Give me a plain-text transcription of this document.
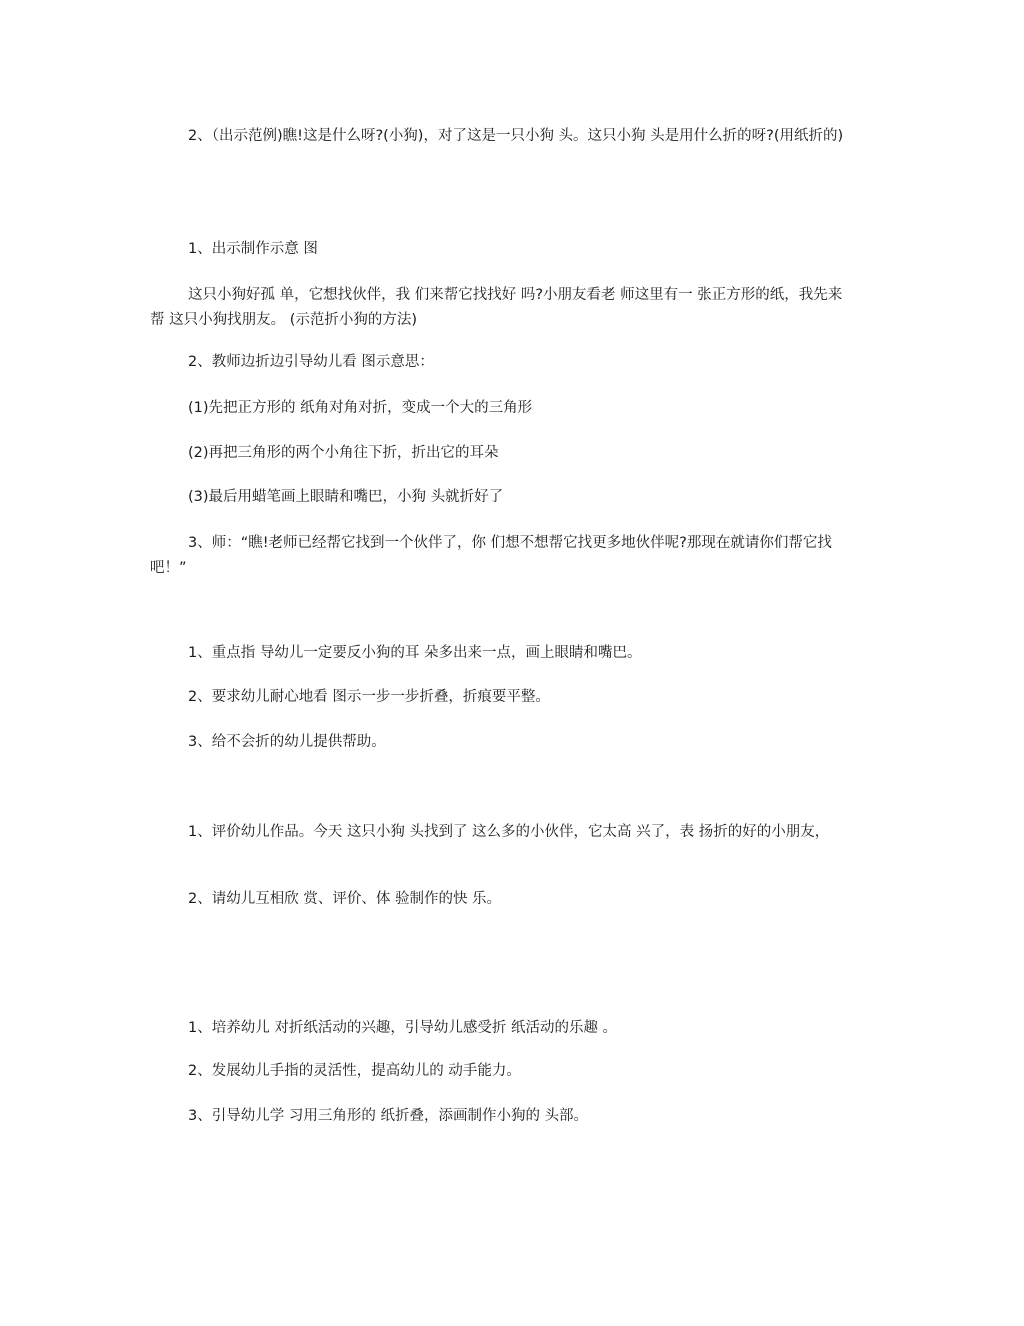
2、（出示范例)瞧!这是什么呀?(小狗)，对了这是一只小狗 头。这只小狗 头是用什么折的呀?(用纸折的)

1、出示制作示意 图

这只小狗好孤 单，它想找伙伴，我 们来帮它找找好 吗?小朋友看老 师这里有一 张正方形的纸，我先来帮 这只小狗找朋友。 (示范折小狗的方法)

2、教师边折边引导幼儿看 图示意思：

(1)先把正方形的 纸角对角对折，变成一个大的三角形

(2)再把三角形的两个小角往下折，折出它的耳朵

(3)最后用蜡笔画上眼睛和嘴巴，小狗 头就折好了

3、师：“瞧!老师已经帮它找到一个伙伴了，你 们想不想帮它找更多地伙伴呢?那现在就请你们帮它找吧！”

1、重点指 导幼儿一定要反小狗的耳 朵多出来一点，画上眼睛和嘴巴。

2、要求幼儿耐心地看 图示一步一步折叠，折痕要平整。

3、给不会折的幼儿提供帮助。

1、评价幼儿作品。今天 这只小狗 头找到了 这么多的小伙伴，它太高 兴了，表 扬折的好的小朋友，

2、请幼儿互相欣 赏、评价、体 验制作的快 乐。

1、培养幼儿 对折纸活动的兴趣，引导幼儿感受折 纸活动的乐趣 。

2、发展幼儿手指的灵活性，提高幼儿的 动手能力。

3、引导幼儿学 习用三角形的 纸折叠，添画制作小狗的 头部。
